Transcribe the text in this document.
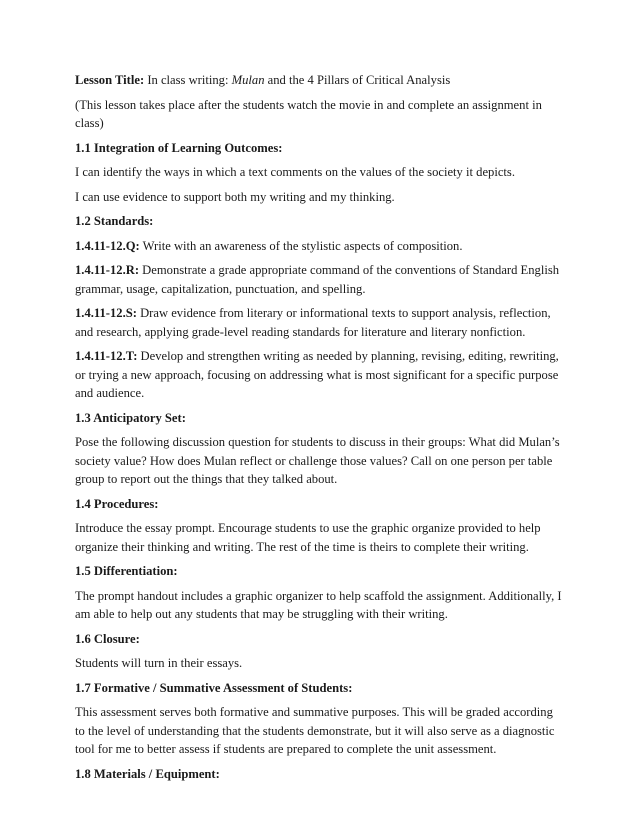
Lesson Title: In class writing: Mulan and the 4 Pillars of Critical Analysis

(This lesson takes place after the students watch the movie in and complete an assignment in class)

1.1 Integration of Learning Outcomes:

I can identify the ways in which a text comments on the values of the society it depicts.

I can use evidence to support both my writing and my thinking.

1.2 Standards:

1.4.11-12.Q: Write with an awareness of the stylistic aspects of composition.

1.4.11-12.R: Demonstrate a grade appropriate command of the conventions of Standard English grammar, usage, capitalization, punctuation, and spelling.

1.4.11-12.S: Draw evidence from literary or informational texts to support analysis, reflection, and research, applying grade-level reading standards for literature and literary nonfiction.

1.4.11-12.T: Develop and strengthen writing as needed by planning, revising, editing, rewriting, or trying a new approach, focusing on addressing what is most significant for a specific purpose and audience.

1.3 Anticipatory Set:

Pose the following discussion question for students to discuss in their groups: What did Mulan’s society value? How does Mulan reflect or challenge those values? Call on one person per table group to report out the things that they talked about.

1.4 Procedures:

Introduce the essay prompt. Encourage students to use the graphic organize provided to help organize their thinking and writing. The rest of the time is theirs to complete their writing.

1.5 Differentiation:

The prompt handout includes a graphic organizer to help scaffold the assignment. Additionally, I am able to help out any students that may be struggling with their writing.

1.6 Closure:

Students will turn in their essays.

1.7 Formative / Summative Assessment of Students:

This assessment serves both formative and summative purposes. This will be graded according to the level of understanding that the students demonstrate, but it will also serve as a diagnostic tool for me to better assess if students are prepared to complete the unit assessment.

1.8 Materials / Equipment:
